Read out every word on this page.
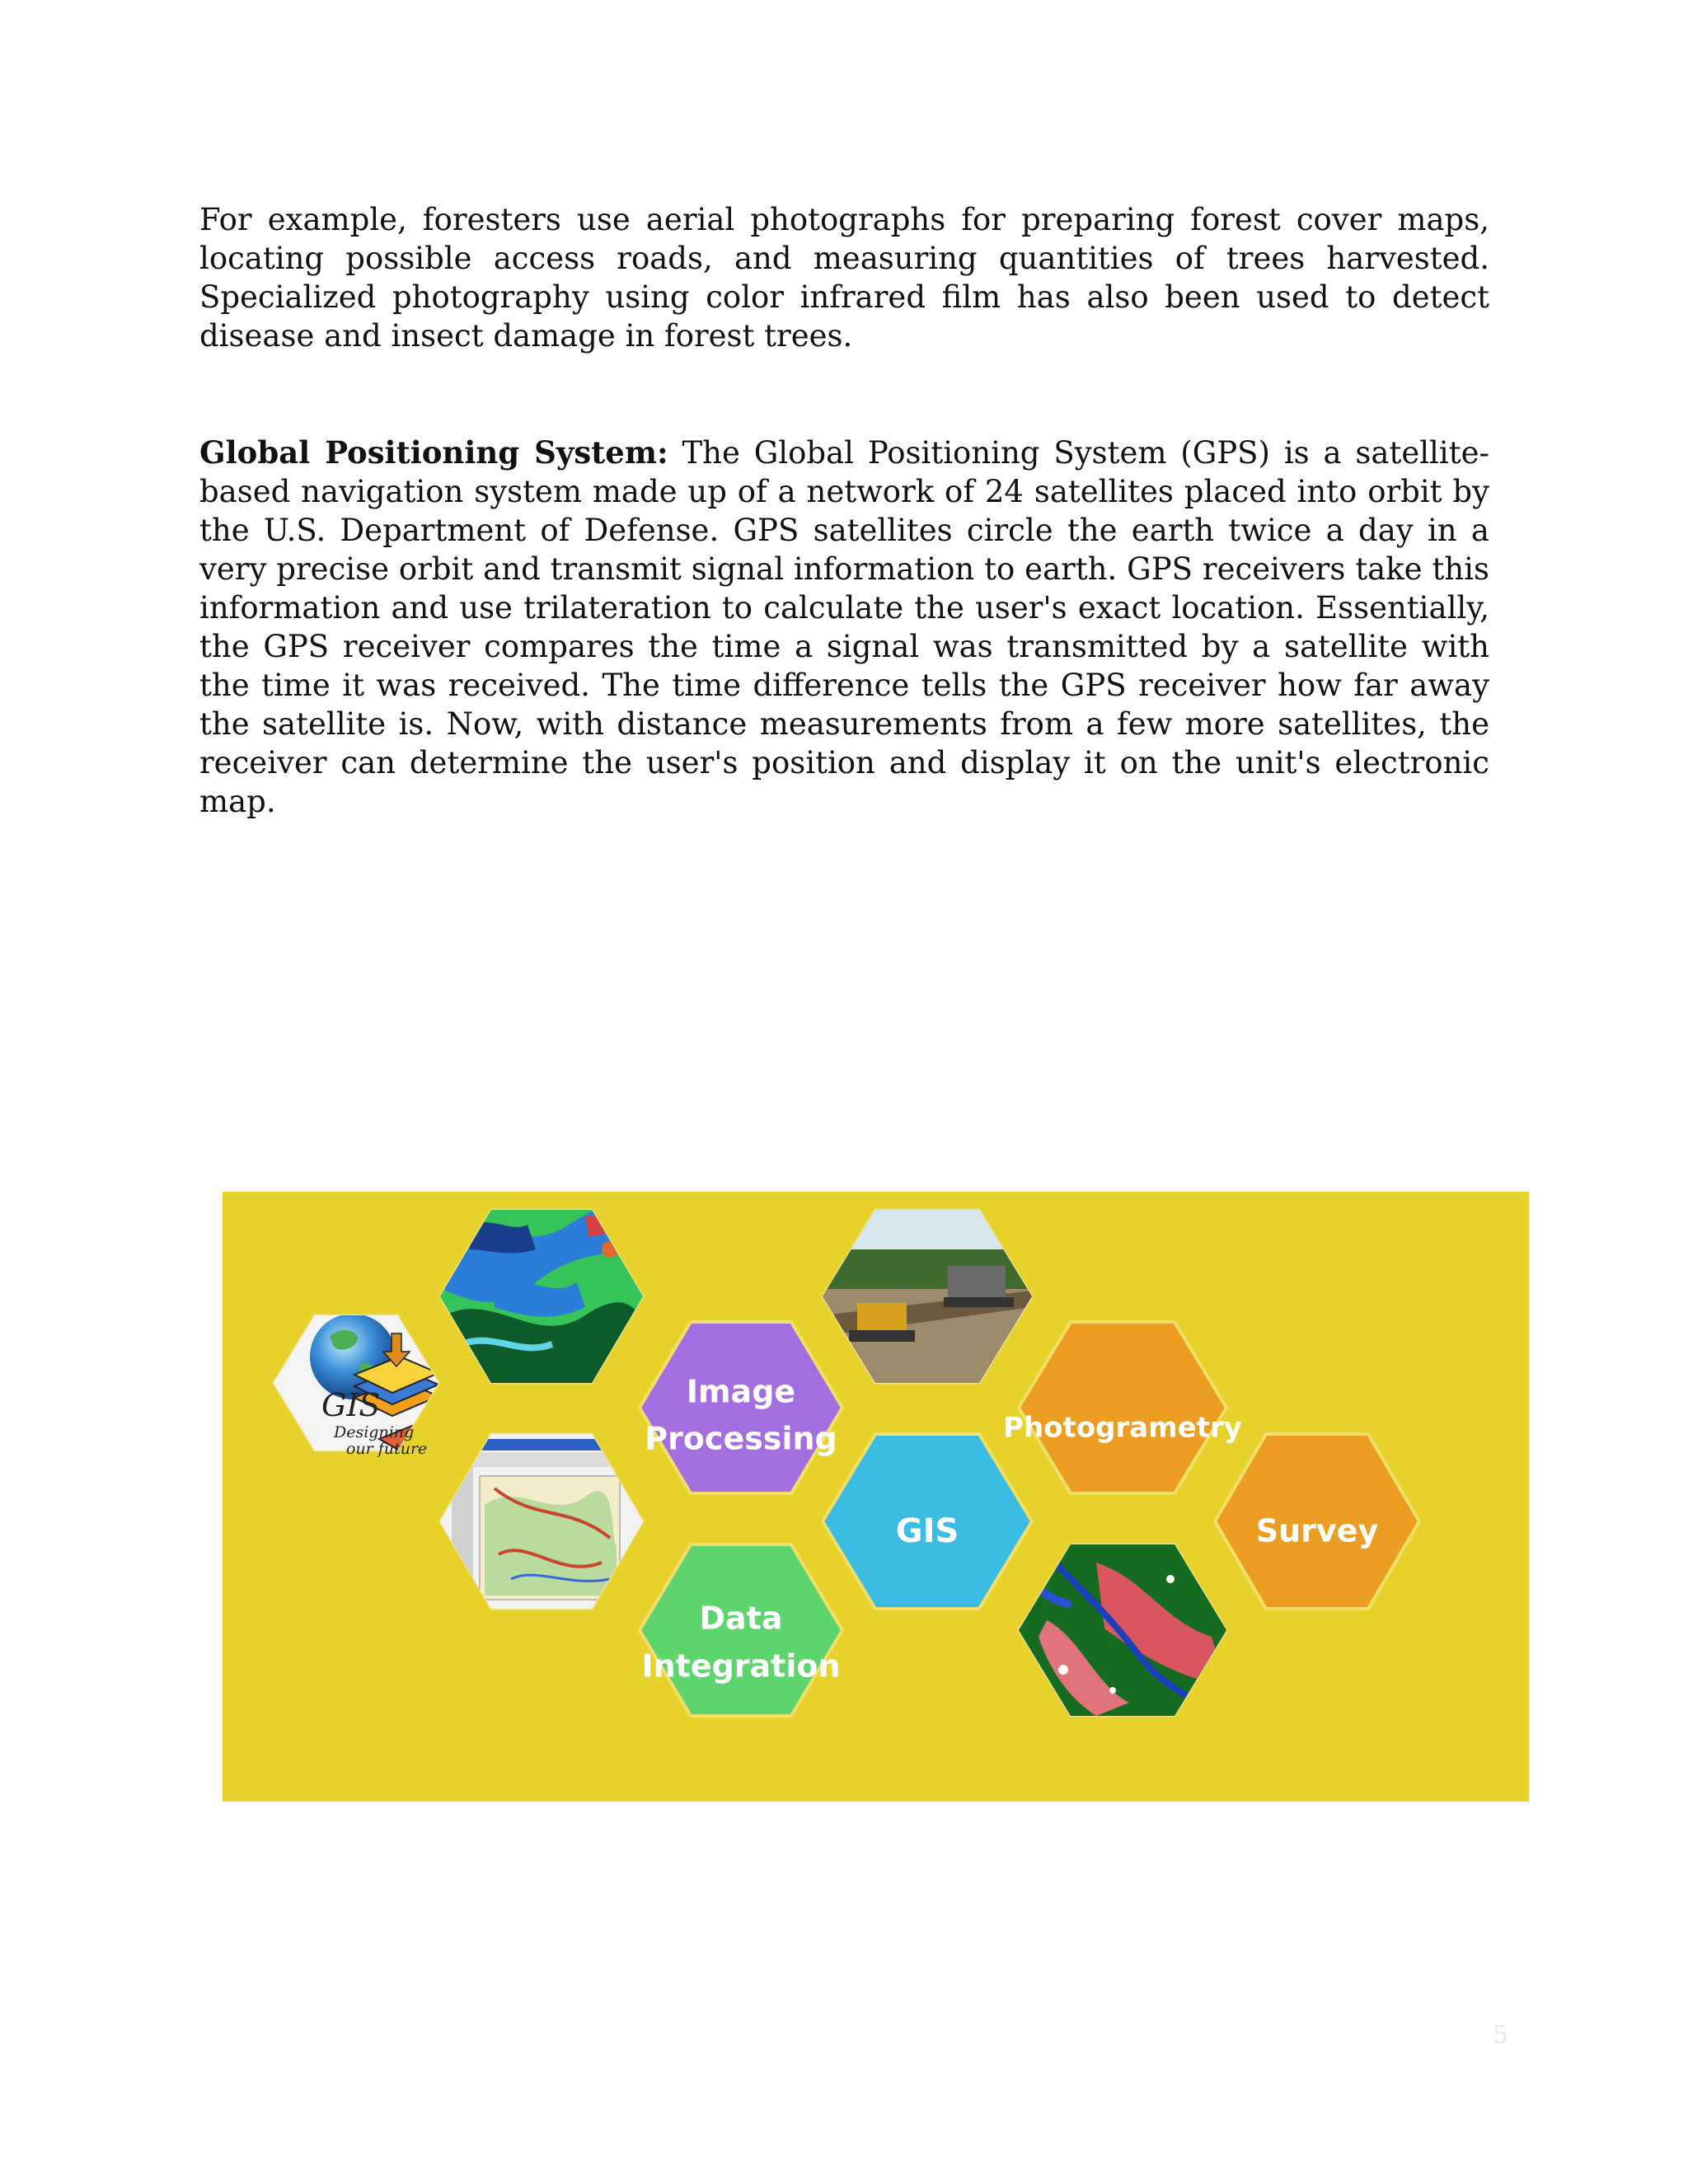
For example, foresters use aerial photographs for preparing forest cover maps, locating possible access roads, and measuring quantities of trees harvested. Specialized photography using color infrared film has also been used to detect disease and insect damage in forest trees.

Global Positioning System: The Global Positioning System (GPS) is a satellite-based navigation system made up of a network of 24 satellites placed into orbit by the U.S. Department of Defense. GPS satellites circle the earth twice a day in a very precise orbit and transmit signal information to earth. GPS receivers take this information and use trilateration to calculate the user's exact location. Essentially, the GPS receiver compares the time a signal was transmitted by a satellite with the time it was received. The time difference tells the GPS receiver how far away the satellite is. Now, with distance measurements from a few more satellites, the receiver can determine the user's position and display it on the unit's electronic map.

GIS
Designing
our future
Image
Processing	Photogrametry
GIS	Survey
Data
Integration
5
